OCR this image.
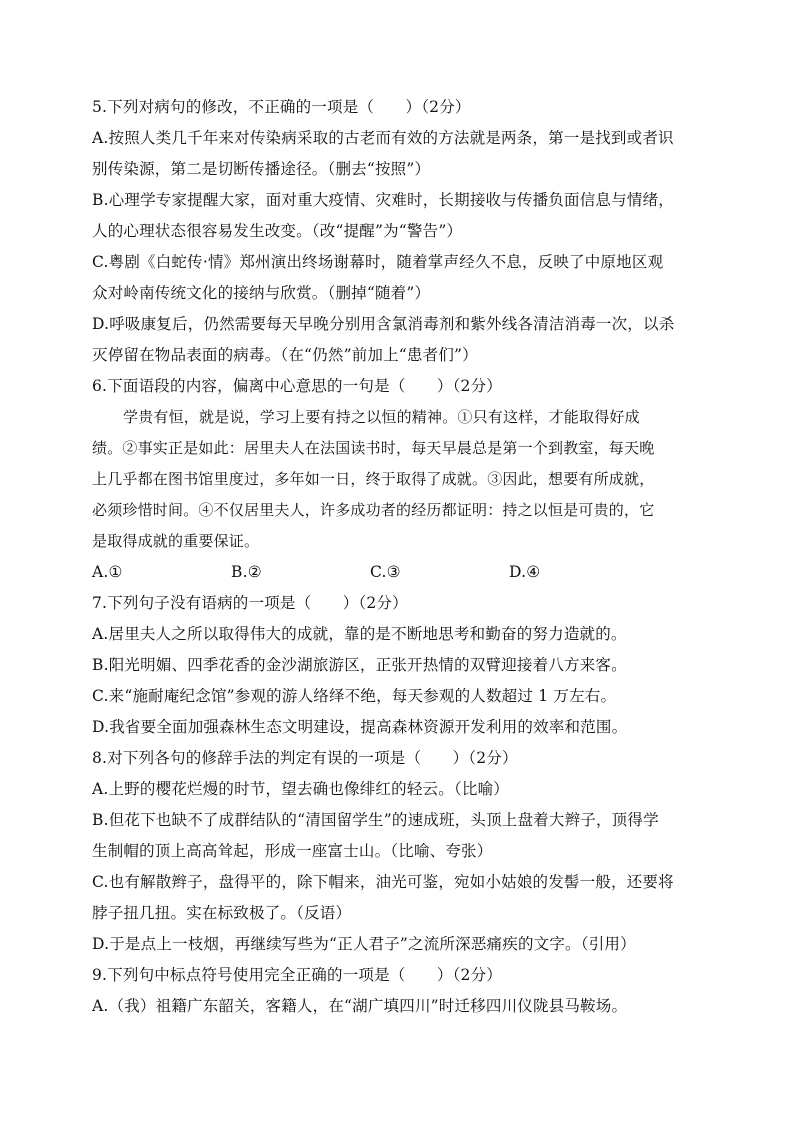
5.下列对病句的修改，不正确的一项是（　　）（2分）
A.按照人类几千年来对传染病采取的古老而有效的方法就是两条，第一是找到或者识
别传染源，第二是切断传播途径。（删去“按照”）
B.心理学专家提醒大家，面对重大疫情、灾难时，长期接收与传播负面信息与情绪，
人的心理状态很容易发生改变。（改“提醒”为“警告”）
C.粤剧《白蛇传·情》郑州演出终场谢幕时，随着掌声经久不息，反映了中原地区观
众对岭南传统文化的接纳与欣赏。（删掉“随着”）
D.呼吸康复后，仍然需要每天早晚分别用含氯消毒剂和紫外线各清洁消毒一次，以杀
灭停留在物品表面的病毒。（在“仍然”前加上“患者们”）
6.下面语段的内容，偏离中心意思的一句是（　　）（2分）
学贵有恒，就是说，学习上要有持之以恒的精神。①只有这样，才能取得好成
绩。②事实正是如此：居里夫人在法国读书时，每天早晨总是第一个到教室，每天晚
上几乎都在图书馆里度过，多年如一日，终于取得了成就。③因此，想要有所成就，
必须珍惜时间。④不仅居里夫人，许多成功者的经历都证明：持之以恒是可贵的，它
是取得成就的重要保证。
A.①	B.②	C.③	D.④
7.下列句子没有语病的一项是（　　）（2分）
A.居里夫人之所以取得伟大的成就，靠的是不断地思考和勤奋的努力造就的。
B.阳光明媚、四季花香的金沙湖旅游区，正张开热情的双臂迎接着八方来客。
C.来“施耐庵纪念馆”参观的游人络绎不绝，每天参观的人数超过 1 万左右。
D.我省要全面加强森林生态文明建设，提高森林资源开发利用的效率和范围。
8.对下列各句的修辞手法的判定有误的一项是（　　）（2分）
A.上野的樱花烂熳的时节，望去确也像绯红的轻云。（比喻）
B.但花下也缺不了成群结队的“清国留学生”的速成班，头顶上盘着大辫子，顶得学
生制帽的顶上高高耸起，形成一座富士山。（比喻、夸张）
C.也有解散辫子，盘得平的，除下帽来，油光可鉴，宛如小姑娘的发髻一般，还要将
脖子扭几扭。实在标致极了。（反语）
D.于是点上一枝烟，再继续写些为“正人君子”之流所深恶痛疾的文字。（引用）
9.下列句中标点符号使用完全正确的一项是（　　）（2分）
A.（我）祖籍广东韶关，客籍人，在“湖广填四川”时迁移四川仪陇县马鞍场。
